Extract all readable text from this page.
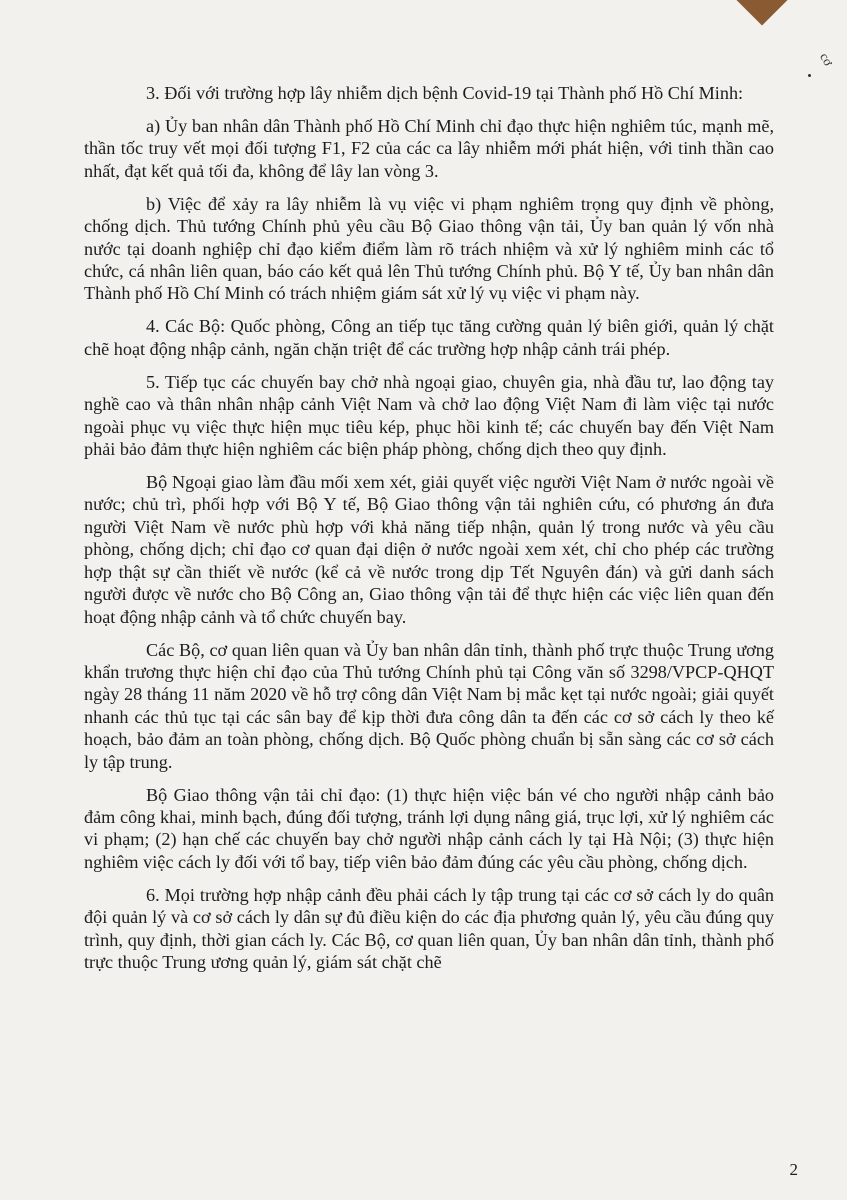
cơ

3. Đối với trường hợp lây nhiễm dịch bệnh Covid-19 tại Thành phố Hồ Chí Minh:

a) Ủy ban nhân dân Thành phố Hồ Chí Minh chỉ đạo thực hiện nghiêm túc, mạnh mẽ, thần tốc truy vết mọi đối tượng F1, F2 của các ca lây nhiễm mới phát hiện, với tinh thần cao nhất, đạt kết quả tối đa, không để lây lan vòng 3.

b) Việc để xảy ra lây nhiễm là vụ việc vi phạm nghiêm trọng quy định về phòng, chống dịch. Thủ tướng Chính phủ yêu cầu Bộ Giao thông vận tải, Ủy ban quản lý vốn nhà nước tại doanh nghiệp chỉ đạo kiểm điểm làm rõ trách nhiệm và xử lý nghiêm minh các tổ chức, cá nhân liên quan, báo cáo kết quả lên Thủ tướng Chính phủ. Bộ Y tế, Ủy ban nhân dân Thành phố Hồ Chí Minh có trách nhiệm giám sát xử lý vụ việc vi phạm này.

4. Các Bộ: Quốc phòng, Công an tiếp tục tăng cường quản lý biên giới, quản lý chặt chẽ hoạt động nhập cảnh, ngăn chặn triệt để các trường hợp nhập cảnh trái phép.

5. Tiếp tục các chuyến bay chở nhà ngoại giao, chuyên gia, nhà đầu tư, lao động tay nghề cao và thân nhân nhập cảnh Việt Nam và chở lao động Việt Nam đi làm việc tại nước ngoài phục vụ việc thực hiện mục tiêu kép, phục hồi kinh tế; các chuyến bay đến Việt Nam phải bảo đảm thực hiện nghiêm các biện pháp phòng, chống dịch theo quy định.

Bộ Ngoại giao làm đầu mối xem xét, giải quyết việc người Việt Nam ở nước ngoài về nước; chủ trì, phối hợp với Bộ Y tế, Bộ Giao thông vận tải nghiên cứu, có phương án đưa người Việt Nam về nước phù hợp với khả năng tiếp nhận, quản lý trong nước và yêu cầu phòng, chống dịch; chỉ đạo cơ quan đại diện ở nước ngoài xem xét, chỉ cho phép các trường hợp thật sự cần thiết về nước (kể cả về nước trong dịp Tết Nguyên đán) và gửi danh sách người được về nước cho Bộ Công an, Giao thông vận tải để thực hiện các việc liên quan đến hoạt động nhập cảnh và tổ chức chuyến bay.

Các Bộ, cơ quan liên quan và Ủy ban nhân dân tỉnh, thành phố trực thuộc Trung ương khẩn trương thực hiện chỉ đạo của Thủ tướng Chính phủ tại Công văn số 3298/VPCP-QHQT ngày 28 tháng 11 năm 2020 về hỗ trợ công dân Việt Nam bị mắc kẹt tại nước ngoài; giải quyết nhanh các thủ tục tại các sân bay để kịp thời đưa công dân ta đến các cơ sở cách ly theo kế hoạch, bảo đảm an toàn phòng, chống dịch. Bộ Quốc phòng chuẩn bị sẵn sàng các cơ sở cách ly tập trung.

Bộ Giao thông vận tải chỉ đạo: (1) thực hiện việc bán vé cho người nhập cảnh bảo đảm công khai, minh bạch, đúng đối tượng, tránh lợi dụng nâng giá, trục lợi, xử lý nghiêm các vi phạm; (2) hạn chế các chuyến bay chở người nhập cảnh cách ly tại Hà Nội; (3) thực hiện nghiêm việc cách ly đối với tổ bay, tiếp viên bảo đảm đúng các yêu cầu phòng, chống dịch.

6. Mọi trường hợp nhập cảnh đều phải cách ly tập trung tại các cơ sở cách ly do quân đội quản lý và cơ sở cách ly dân sự đủ điều kiện do các địa phương quản lý, yêu cầu đúng quy trình, quy định, thời gian cách ly. Các Bộ, cơ quan liên quan, Ủy ban nhân dân tỉnh, thành phố trực thuộc Trung ương quản lý, giám sát chặt chẽ

2
